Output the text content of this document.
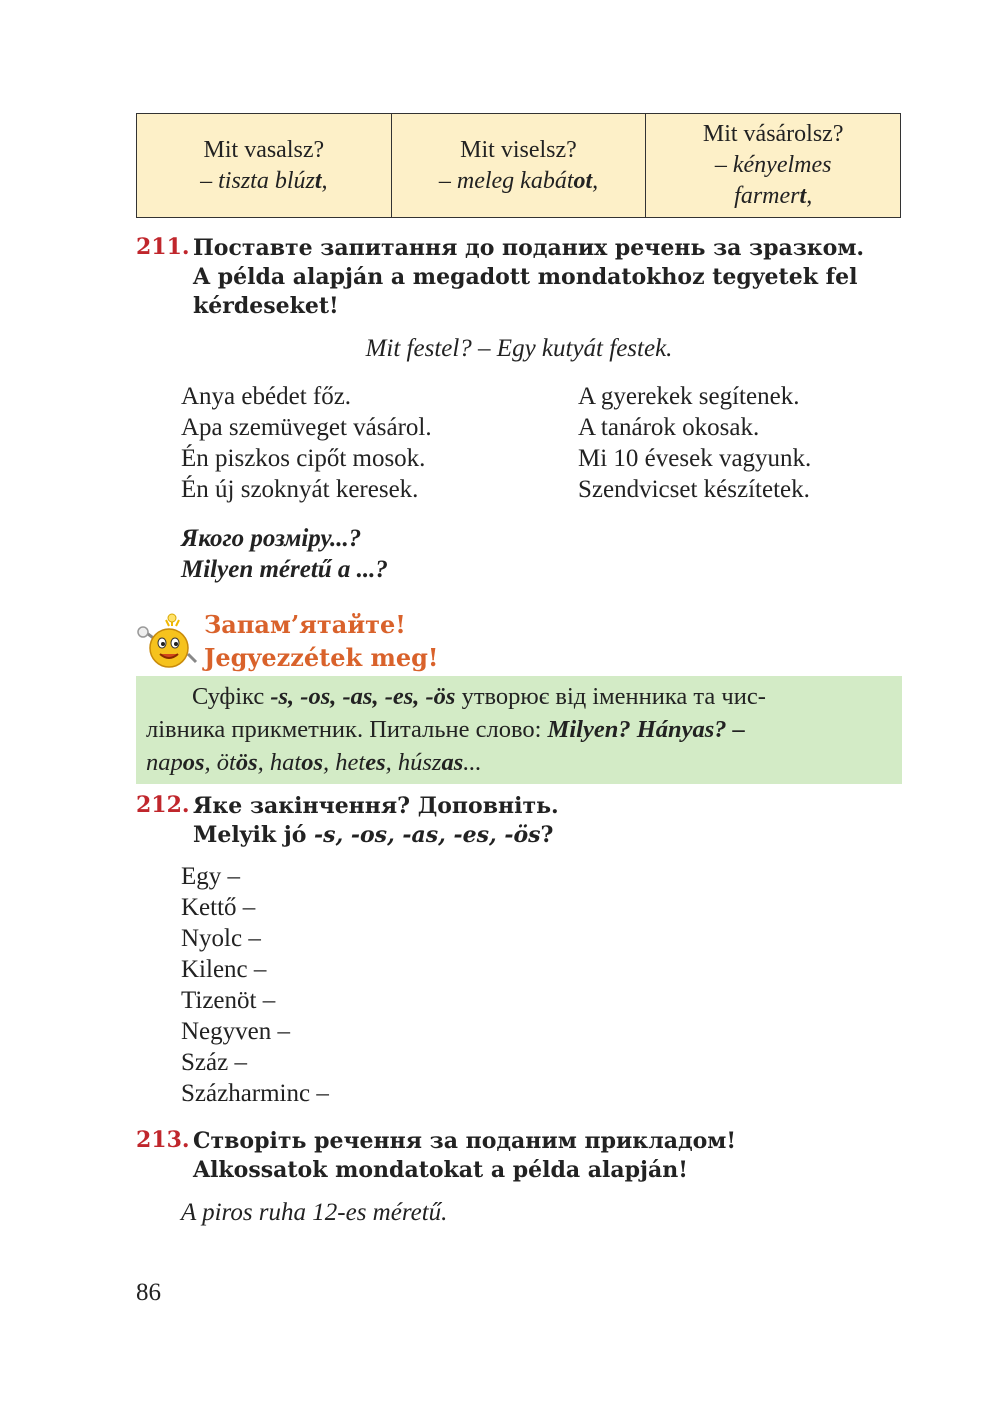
Mit vasalsz?
– tiszta blúzt,
Mit viselsz?
– meleg kabátot,
Mit vásárolsz?
– kényelmes
farmert,
211. Поставте запитання до поданих речень за зразком.
A példa alapján a megadott mondatokhoz tegyetek fel
kérdeseket!
Mit festel? – Egy kutyát festek.
Anya ebédet főz.
Apa szemüveget vásárol.
Én piszkos cipőt mosok.
Én új szoknyát keresek.
A gyerekek segítenek.
A tanárok okosak.
Mi 10 évesek vagyunk.
Szendvicset készítetek.
Якого розміру...?
Milyen méretű a ...?
Запам’ятайте!
Jegyezzétek meg!
Суфікс -s, -os, -as, -es, -ös утворює від іменника та чис-
лівника прикметник. Питальне слово: Milyen? Hányas? –
napos, ötös, hatos, hetes, húszas...
212. Яке закінчення? Доповніть.
Melyik jó -s, -os, -as, -es, -ös?
Egy –
Kettő –
Nyolc –
Kilenc –
Tizenöt –
Negyven –
Száz –
Százharminc –
213. Створіть речення за поданим прикладом!
Alkossatok mondatokat a példa alapján!
A piros ruha 12-es méretű.
86
